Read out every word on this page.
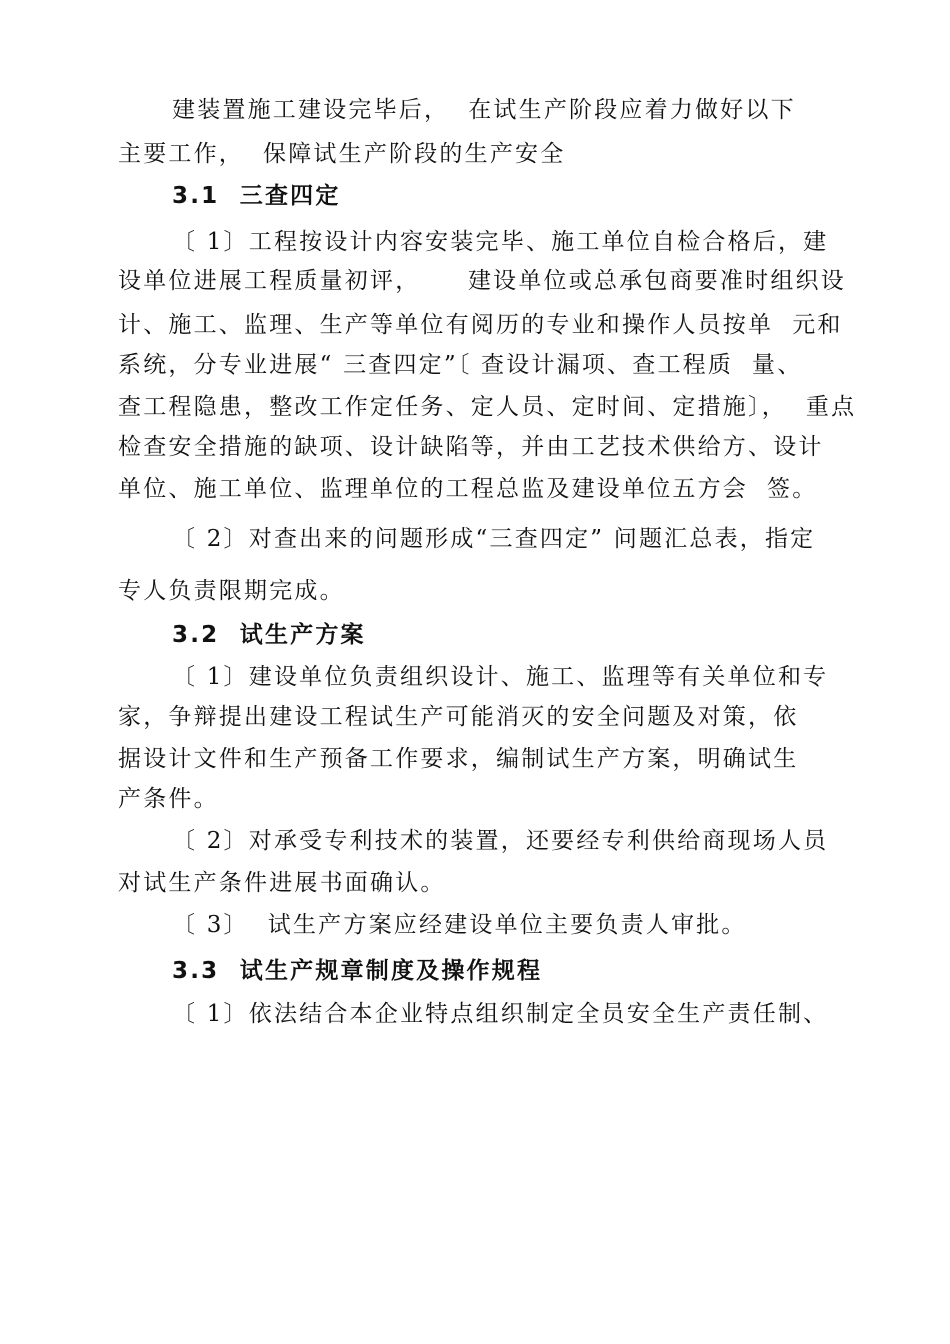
建装置施工建设完毕后，  在试生产阶段应着力做好以下
主要工作，  保障试生产阶段的生产安全
3.1  三查四定
〔 1〕工程按设计内容安装完毕、施工单位自检合格后，建
设单位进展工程质量初评，     建设单位或总承包商要准时组织设
计、施工、监理、生产等单位有阅历的专业和操作人员按单  元和
系统，分专业进展“ 三查四定”〔 查设计漏项、查工程质  量、
查工程隐患，整改工作定任务、定人员、定时间、定措施〕，  重点
检查安全措施的缺项、设计缺陷等，并由工艺技术供给方、设计
单位、施工单位、监理单位的工程总监及建设单位五方会  签。
〔 2〕对查出来的问题形成“三查四定” 问题汇总表，指定
专人负责限期完成。
3.2  试生产方案
〔 1〕建设单位负责组织设计、施工、监理等有关单位和专
家，争辩提出建设工程试生产可能消灭的安全问题及对策，依
据设计文件和生产预备工作要求，编制试生产方案，明确试生
产条件。
〔 2〕对承受专利技术的装置，还要经专利供给商现场人员
对试生产条件进展书面确认。
〔 3〕  试生产方案应经建设单位主要负责人审批。
3.3  试生产规章制度及操作规程
〔 1〕依法结合本企业特点组织制定全员安全生产责任制、
